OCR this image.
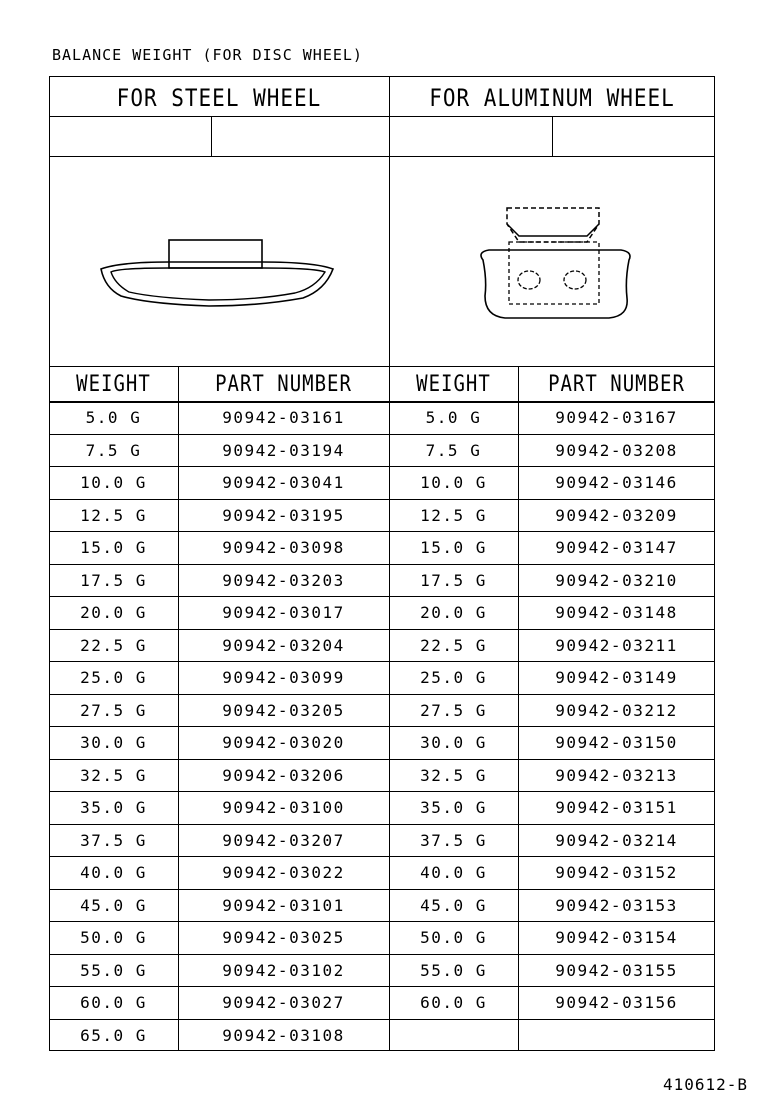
BALANCE WEIGHT (FOR DISC WHEEL)
FOR STEEL WHEEL	FOR ALUMINUM WHEEL
WEIGHT	PART NUMBER	WEIGHT	PART NUMBER
5.0 G	90942-03161	5.0 G	90942-03167
7.5 G	90942-03194	7.5 G	90942-03208
10.0 G	90942-03041	10.0 G	90942-03146
12.5 G	90942-03195	12.5 G	90942-03209
15.0 G	90942-03098	15.0 G	90942-03147
17.5 G	90942-03203	17.5 G	90942-03210
20.0 G	90942-03017	20.0 G	90942-03148
22.5 G	90942-03204	22.5 G	90942-03211
25.0 G	90942-03099	25.0 G	90942-03149
27.5 G	90942-03205	27.5 G	90942-03212
30.0 G	90942-03020	30.0 G	90942-03150
32.5 G	90942-03206	32.5 G	90942-03213
35.0 G	90942-03100	35.0 G	90942-03151
37.5 G	90942-03207	37.5 G	90942-03214
40.0 G	90942-03022	40.0 G	90942-03152
45.0 G	90942-03101	45.0 G	90942-03153
50.0 G	90942-03025	50.0 G	90942-03154
55.0 G	90942-03102	55.0 G	90942-03155
60.0 G	90942-03027	60.0 G	90942-03156
65.0 G	90942-03108
410612-B
